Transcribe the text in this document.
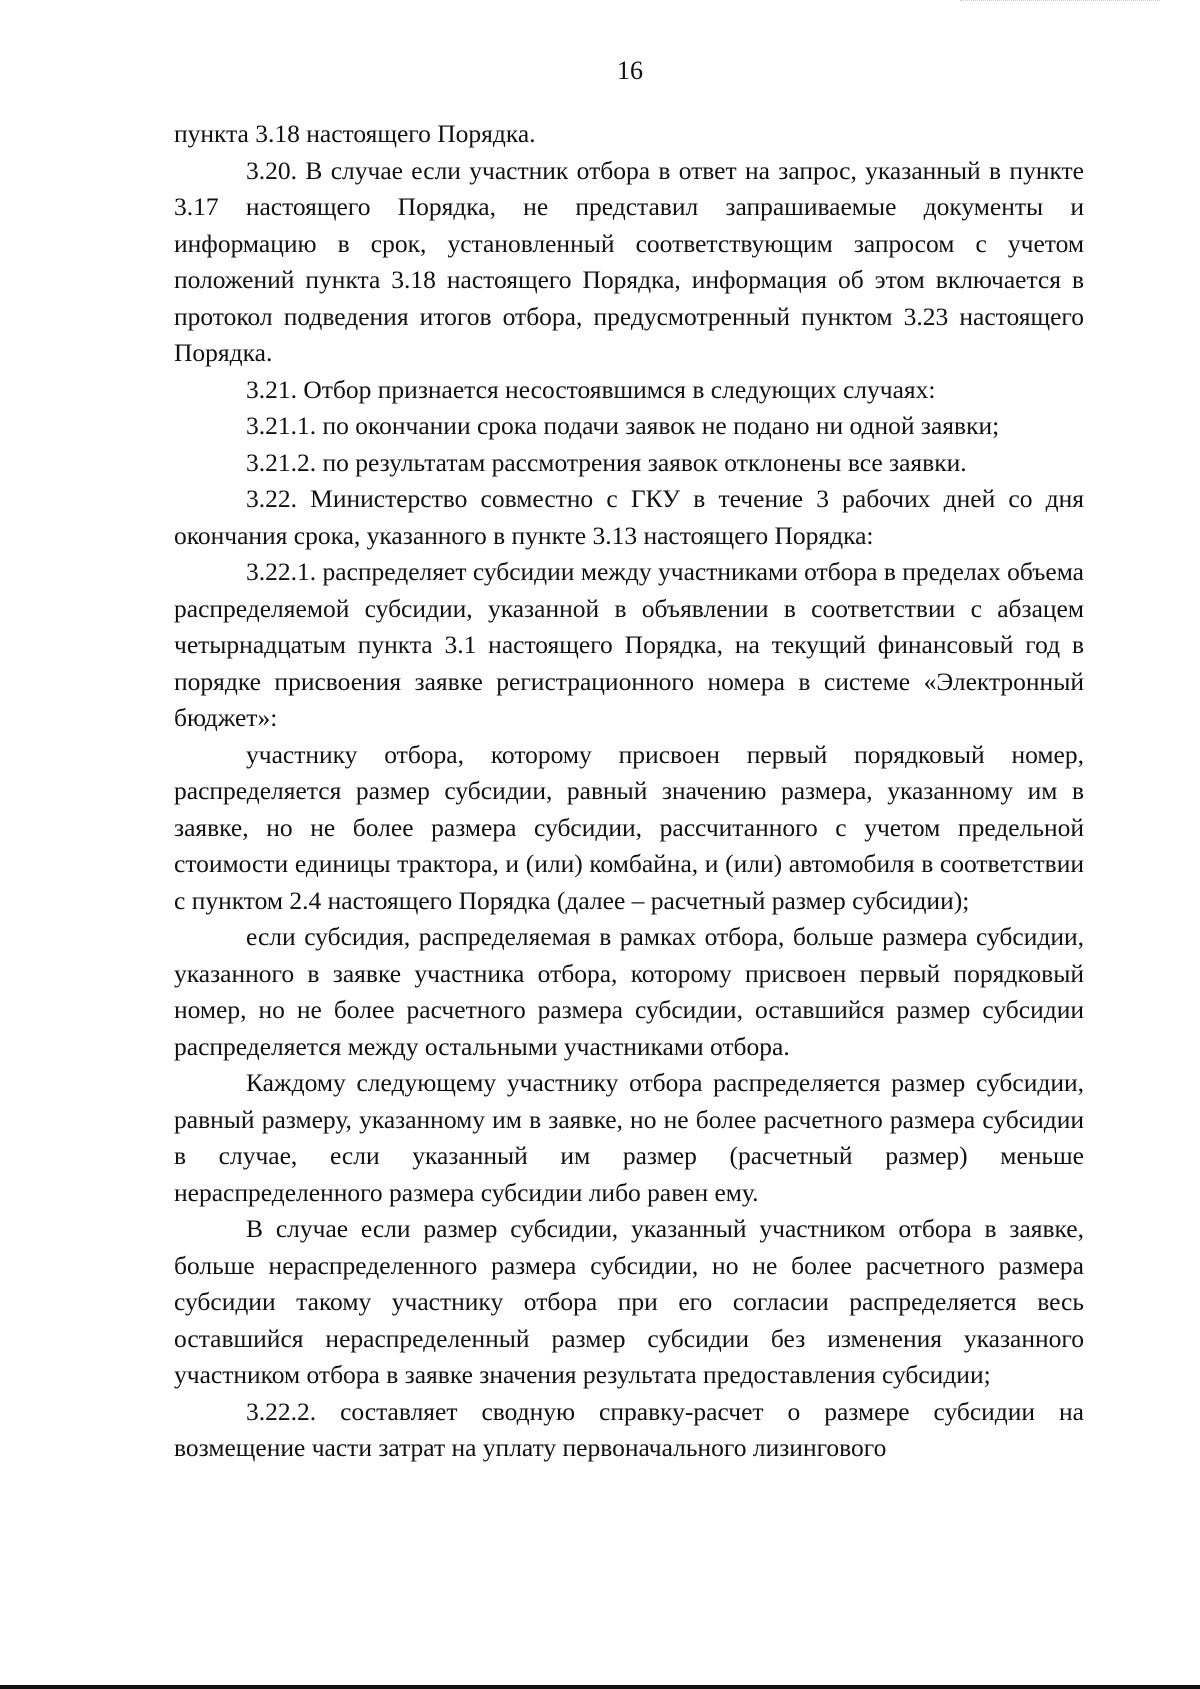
16

пункта 3.18 настоящего Порядка.

3.20. В случае если участник отбора в ответ на запрос, указанный в пункте 3.17 настоящего Порядка, не представил запрашиваемые документы и информацию в срок, установленный соответствующим запросом с учетом положений пункта 3.18 настоящего Порядка, информация об этом включается в протокол подведения итогов отбора, предусмотренный пунктом 3.23 настоящего Порядка.

3.21. Отбор признается несостоявшимся в следующих случаях:

3.21.1. по окончании срока подачи заявок не подано ни одной заявки;

3.21.2. по результатам рассмотрения заявок отклонены все заявки.

3.22. Министерство совместно с ГКУ в течение 3 рабочих дней со дня окончания срока, указанного в пункте 3.13 настоящего Порядка:

3.22.1. распределяет субсидии между участниками отбора в пределах объема распределяемой субсидии, указанной в объявлении в соответствии с абзацем четырнадцатым пункта 3.1 настоящего Порядка, на текущий финансовый год в порядке присвоения заявке регистрационного номера в системе «Электронный бюджет»:

участнику отбора, которому присвоен первый порядковый номер, распределяется размер субсидии, равный значению размера, указанному им в заявке, но не более размера субсидии, рассчитанного с учетом предельной стоимости единицы трактора, и (или) комбайна, и (или) автомобиля в соответствии с пунктом 2.4 настоящего Порядка (далее – расчетный размер субсидии);

если субсидия, распределяемая в рамках отбора, больше размера субсидии, указанного в заявке участника отбора, которому присвоен первый порядковый номер, но не более расчетного размера субсидии, оставшийся размер субсидии распределяется между остальными участниками отбора.

Каждому следующему участнику отбора распределяется размер субсидии, равный размеру, указанному им в заявке, но не более расчетного размера субсидии в случае, если указанный им размер (расчетный размер) меньше нераспределенного размера субсидии либо равен ему.

В случае если размер субсидии, указанный участником отбора в заявке, больше нераспределенного размера субсидии, но не более расчетного размера субсидии такому участнику отбора при его согласии распределяется весь оставшийся нераспределенный размер субсидии без изменения указанного участником отбора в заявке значения результата предоставления субсидии;

3.22.2. составляет сводную справку-расчет о размере субсидии на возмещение части затрат на уплату первоначального лизингового
